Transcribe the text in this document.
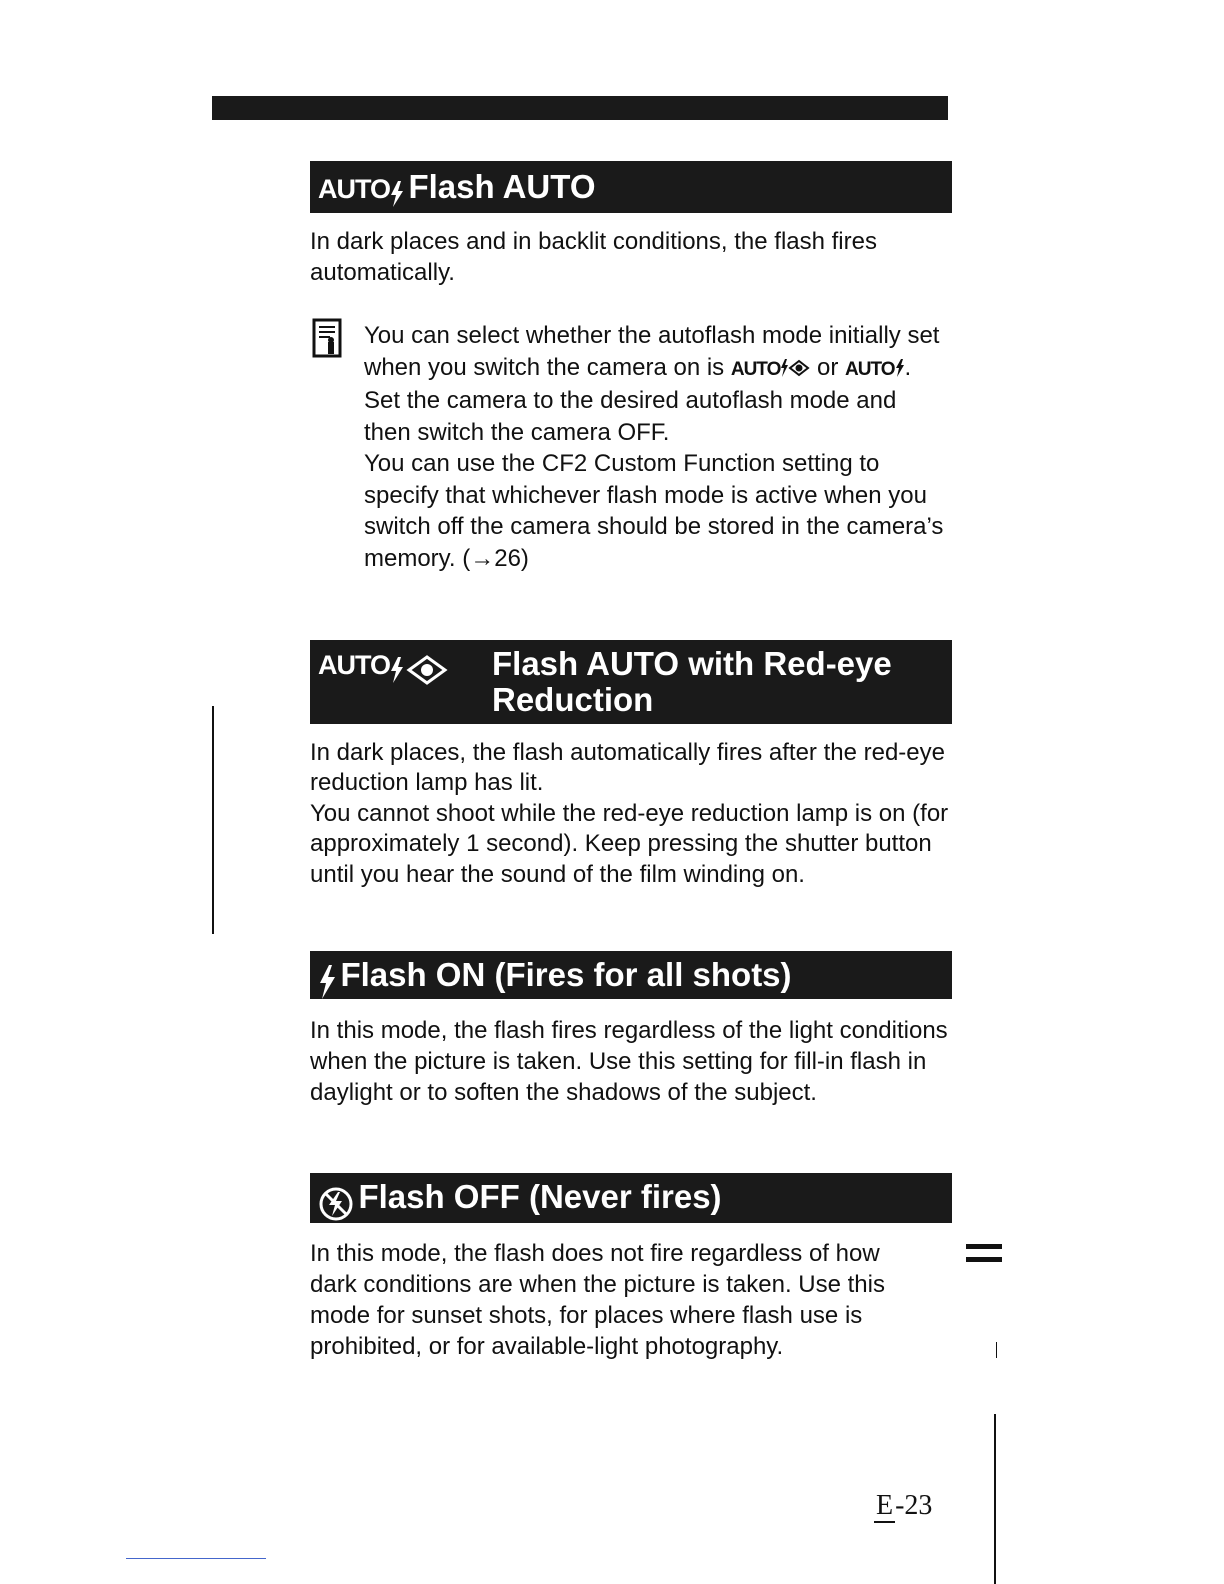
AUTO Flash AUTO

In dark places and in backlit conditions, the flash fires automatically.

You can select whether the autoflash mode initially set when you switch the camera on is AUTO or AUTO . Set the camera to the desired autoflash mode and then switch the camera OFF.
You can use the CF2 Custom Function setting to specify that whichever flash mode is active when you switch off the camera should be stored in the camera’s memory. (→26)

AUTO	Flash AUTO with Red-eye
Reduction

In dark places, the flash automatically fires after the red-eye reduction lamp has lit.
You cannot shoot while the red-eye reduction lamp is on (for approximately 1 second). Keep pressing the shutter button until you hear the sound of the film winding on.

Flash ON (Fires for all shots)

In this mode, the flash fires regardless of the light conditions when the picture is taken. Use this setting for fill-in flash in daylight or to soften the shadows of the subject.

Flash OFF (Never fires)

In this mode, the flash does not fire regardless of how dark conditions are when the picture is taken. Use this mode for sunset shots, for places where flash use is prohibited, or for available-light photography.

E-23
